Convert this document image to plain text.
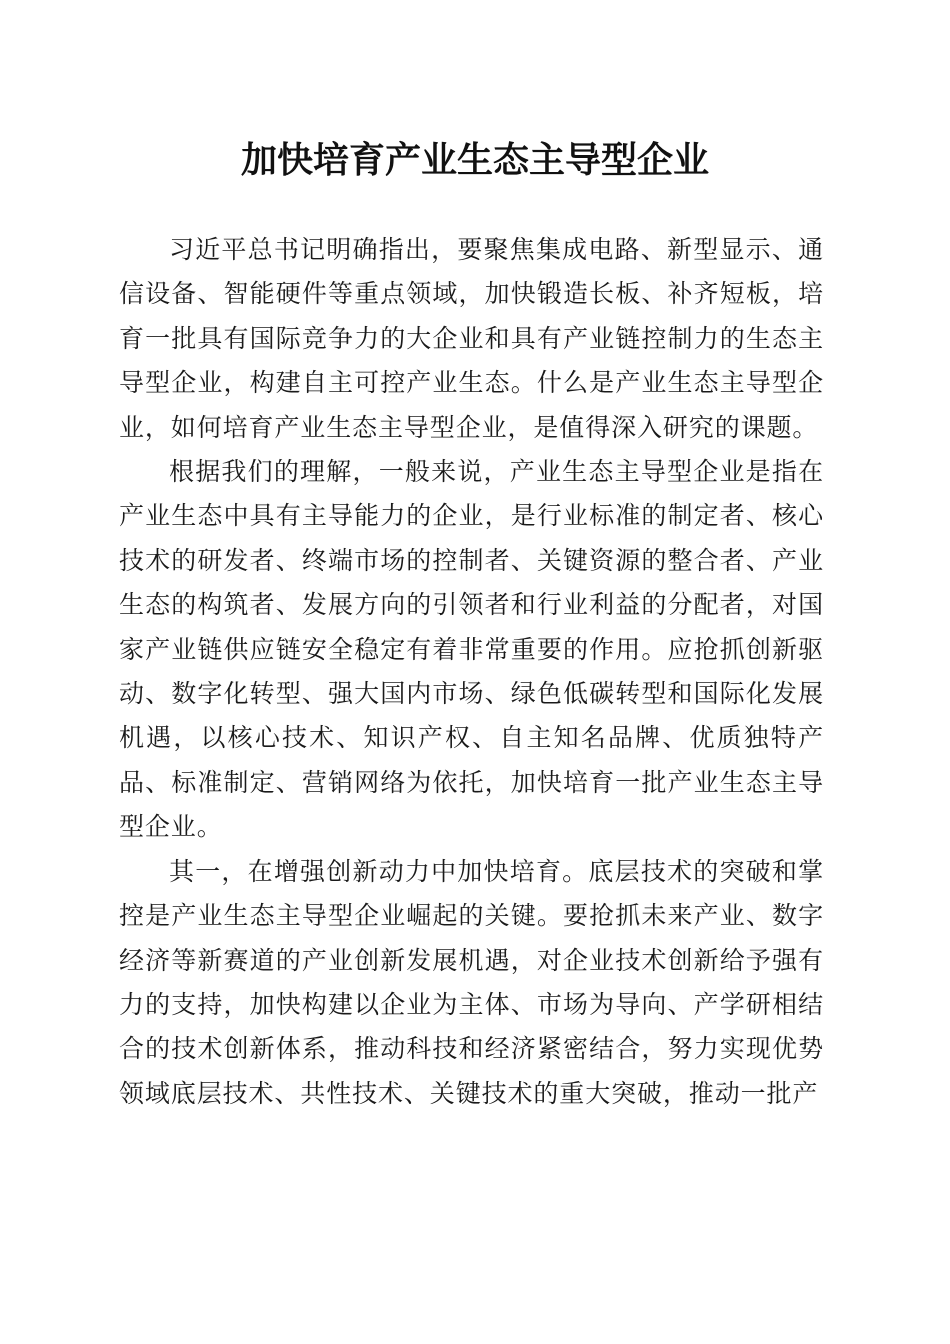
加快培育产业生态主导型企业

习近平总书记明确指出，要聚焦集成电路、新型显示、通信设备、智能硬件等重点领域，加快锻造长板、补齐短板，培育一批具有国际竞争力的大企业和具有产业链控制力的生态主导型企业，构建自主可控产业生态。什么是产业生态主导型企业，如何培育产业生态主导型企业，是值得深入研究的课题。

根据我们的理解，一般来说，产业生态主导型企业是指在产业生态中具有主导能力的企业，是行业标准的制定者、核心技术的研发者、终端市场的控制者、关键资源的整合者、产业生态的构筑者、发展方向的引领者和行业利益的分配者，对国家产业链供应链安全稳定有着非常重要的作用。应抢抓创新驱动、数字化转型、强大国内市场、绿色低碳转型和国际化发展机遇，以核心技术、知识产权、自主知名品牌、优质独特产品、标准制定、营销网络为依托，加快培育一批产业生态主导型企业。

其一，在增强创新动力中加快培育。底层技术的突破和掌控是产业生态主导型企业崛起的关键。要抢抓未来产业、数字经济等新赛道的产业创新发展机遇，对企业技术创新给予强有力的支持，加快构建以企业为主体、市场为导向、产学研相结合的技术创新体系，推动科技和经济紧密结合，努力实现优势领域底层技术、共性技术、关键技术的重大突破，推动一批产
